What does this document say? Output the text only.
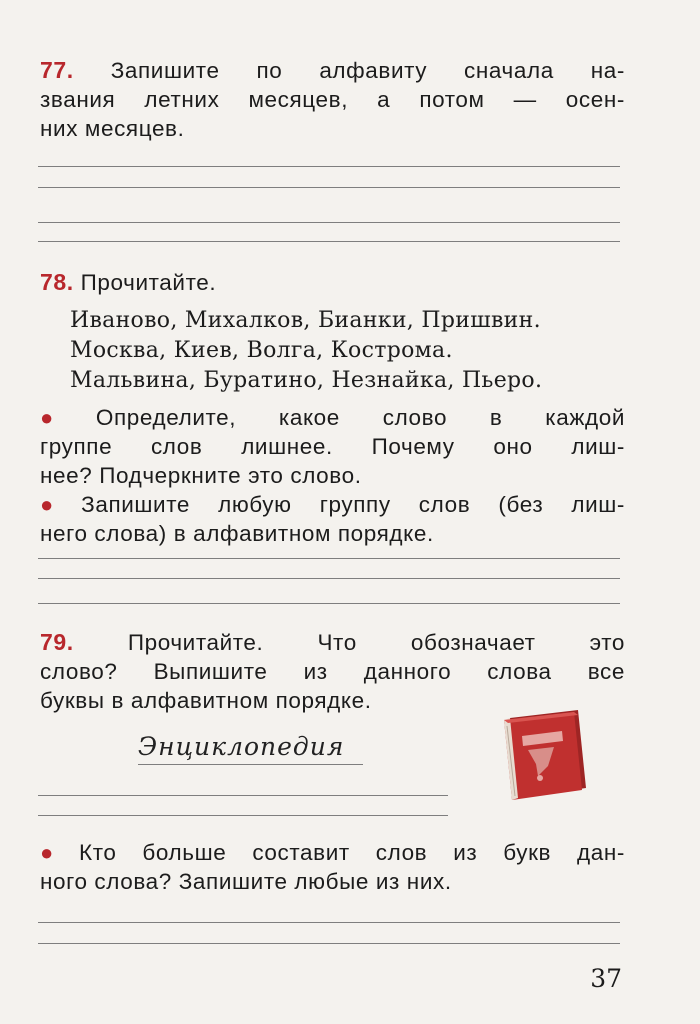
77. Запишите по алфавиту сначала на-
звания летних месяцев, а потом — осен-
них месяцев.
78. Прочитайте.
Иваново, Михалков, Бианки, Пришвин.
Москва, Киев, Волга, Кострома.
Мальвина, Буратино, Незнайка, Пьеро.
● Определите, какое слово в каждой
группе слов лишнее. Почему оно лиш-
нее? Подчеркните это слово.
● Запишите любую группу слов (без лиш-
него слова) в алфавитном порядке.
79. Прочитайте. Что обозначает это
слово? Выпишите из данного слова все
буквы в алфавитном порядке.
Энциклопедия
● Кто больше составит слов из букв дан-
ного слова? Запишите любые из них.
37
